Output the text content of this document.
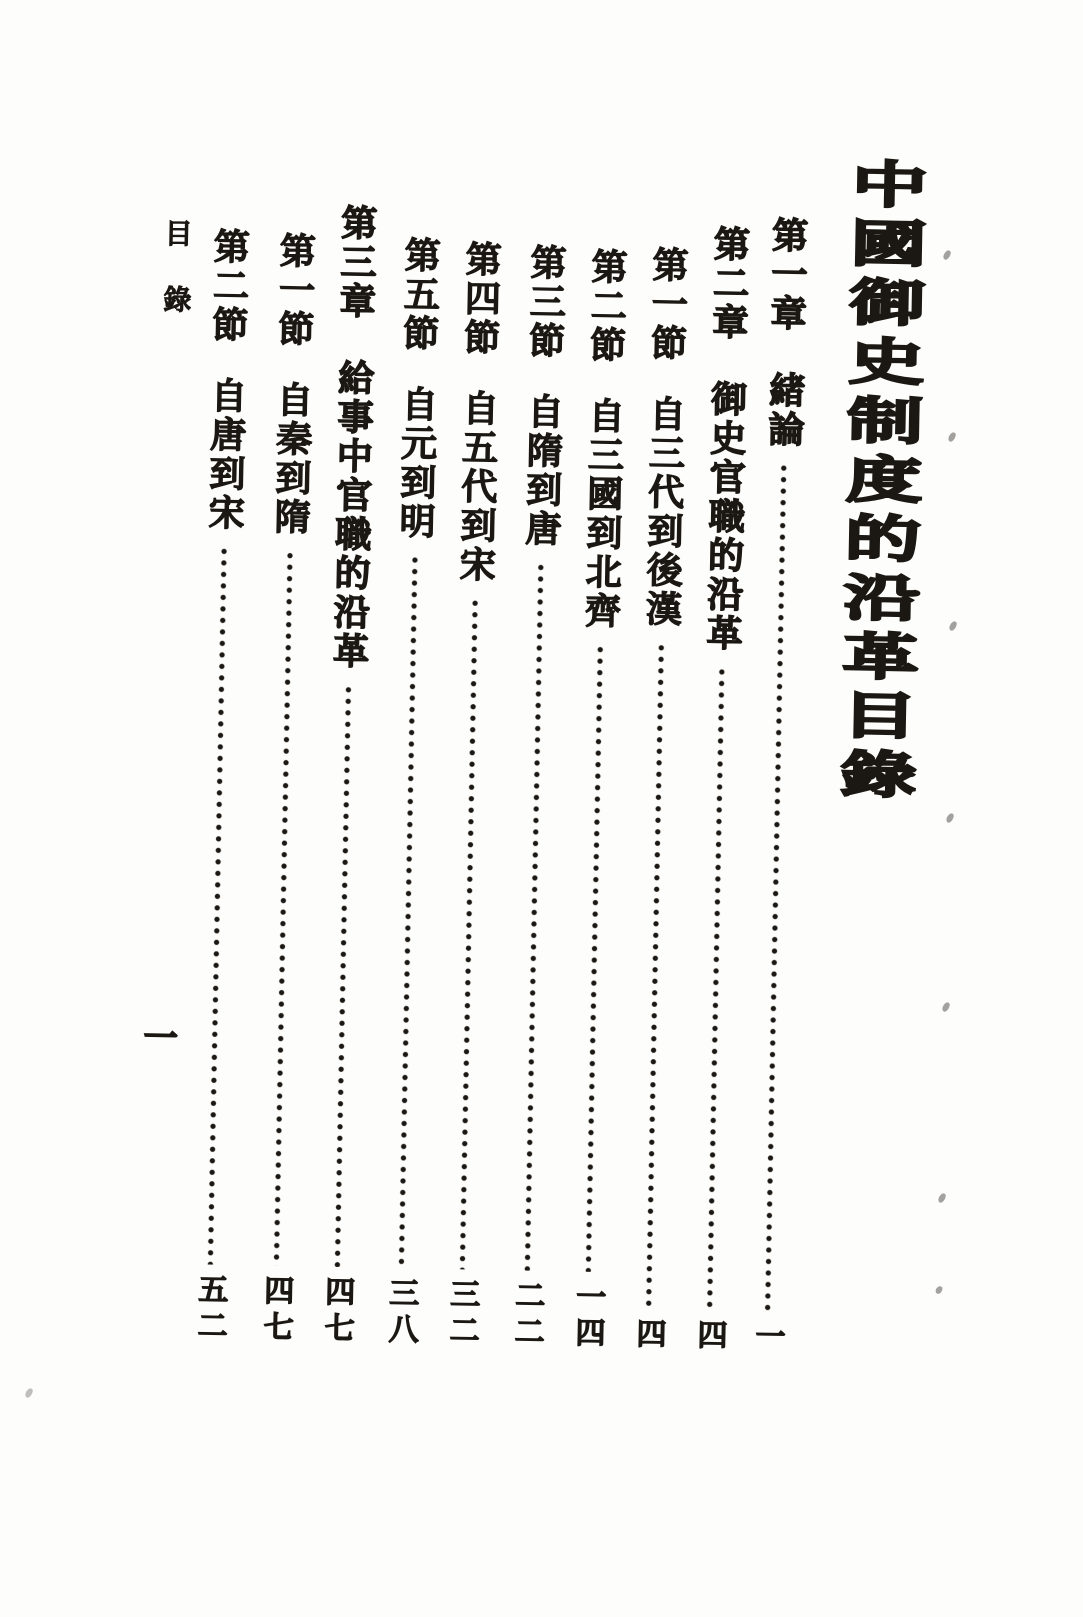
中國御史制度的沿革目錄
目錄
一
第一章
緒論
一
第二章
御史官職的沿革
四
第一節
自三代到後漢
四
第二節
自三國到北齊
一四
第三節
自隋到唐
二二
第四節
自五代到宋
三二
第五節
自元到明
三八
第三章
給事中官職的沿革
四七
第一節
自秦到隋
四七
第二節
自唐到宋
五二
